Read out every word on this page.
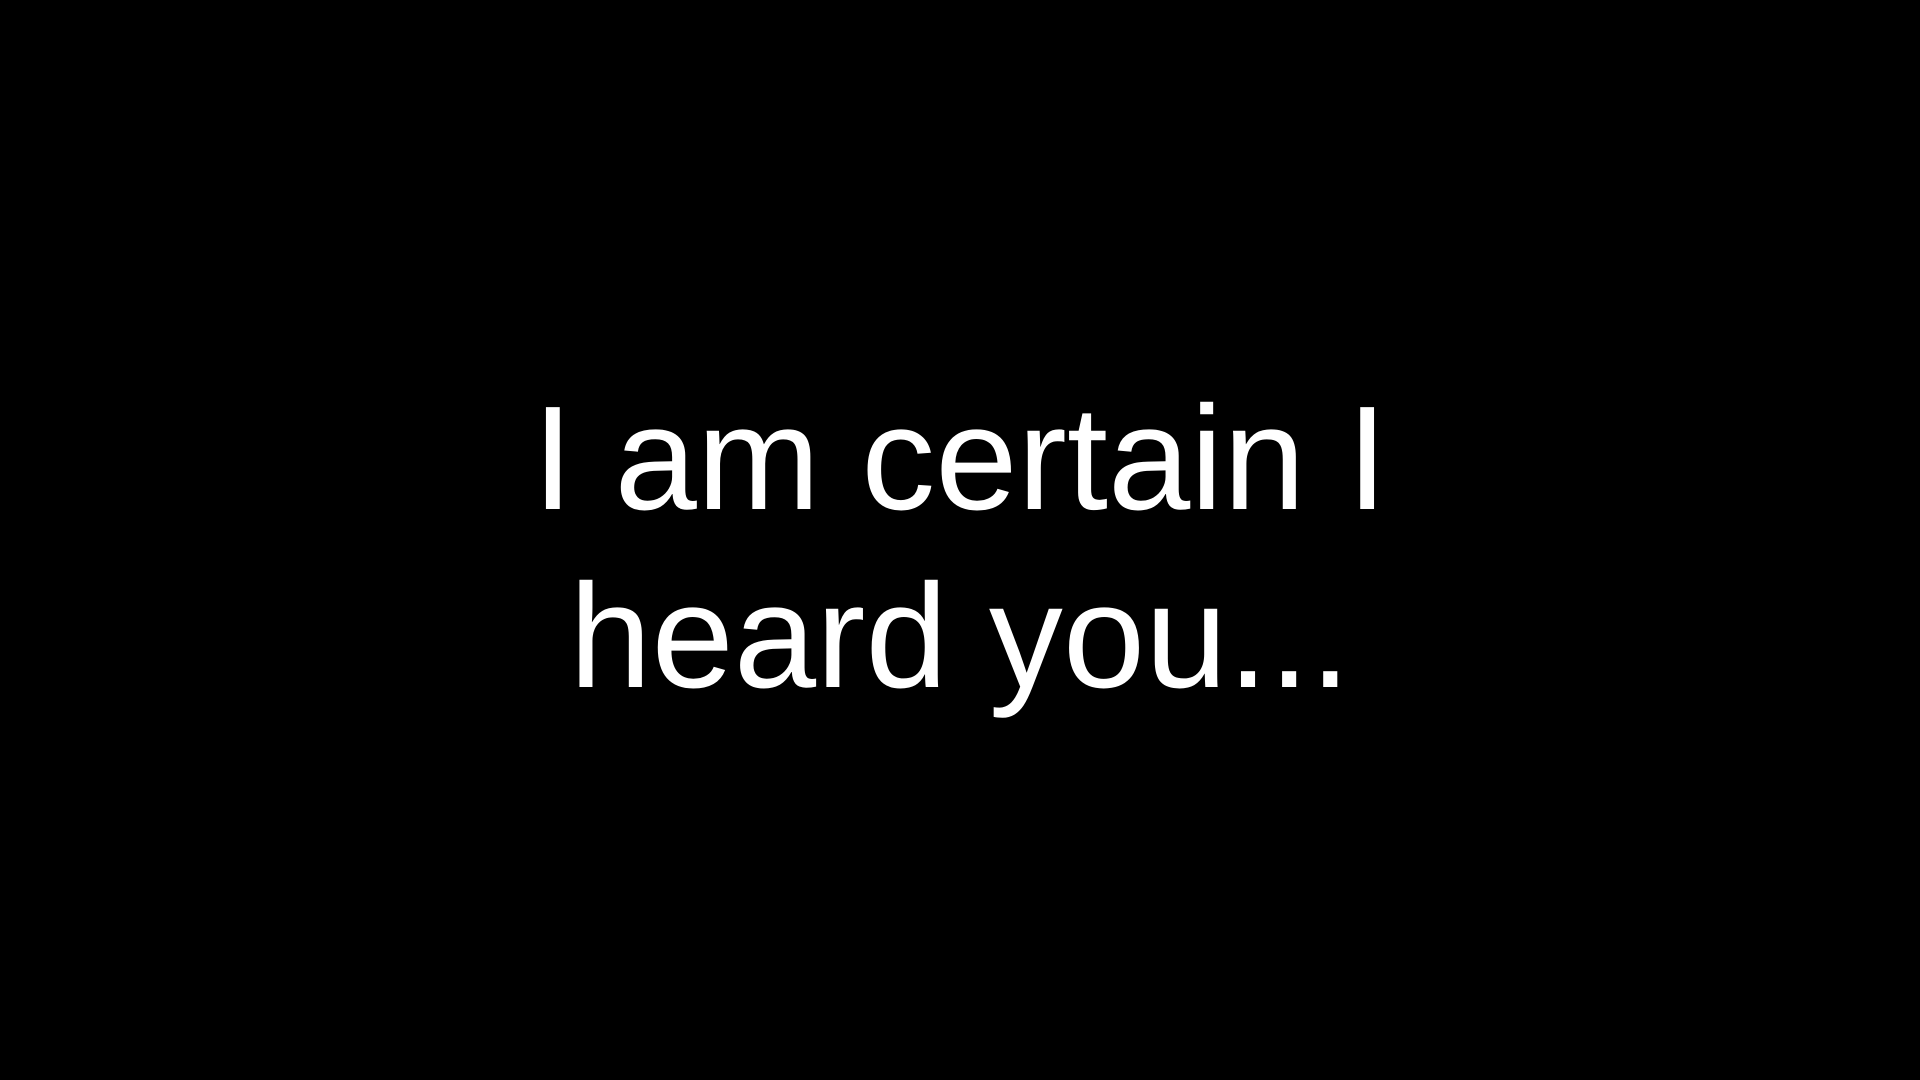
I am certain I
heard you...
